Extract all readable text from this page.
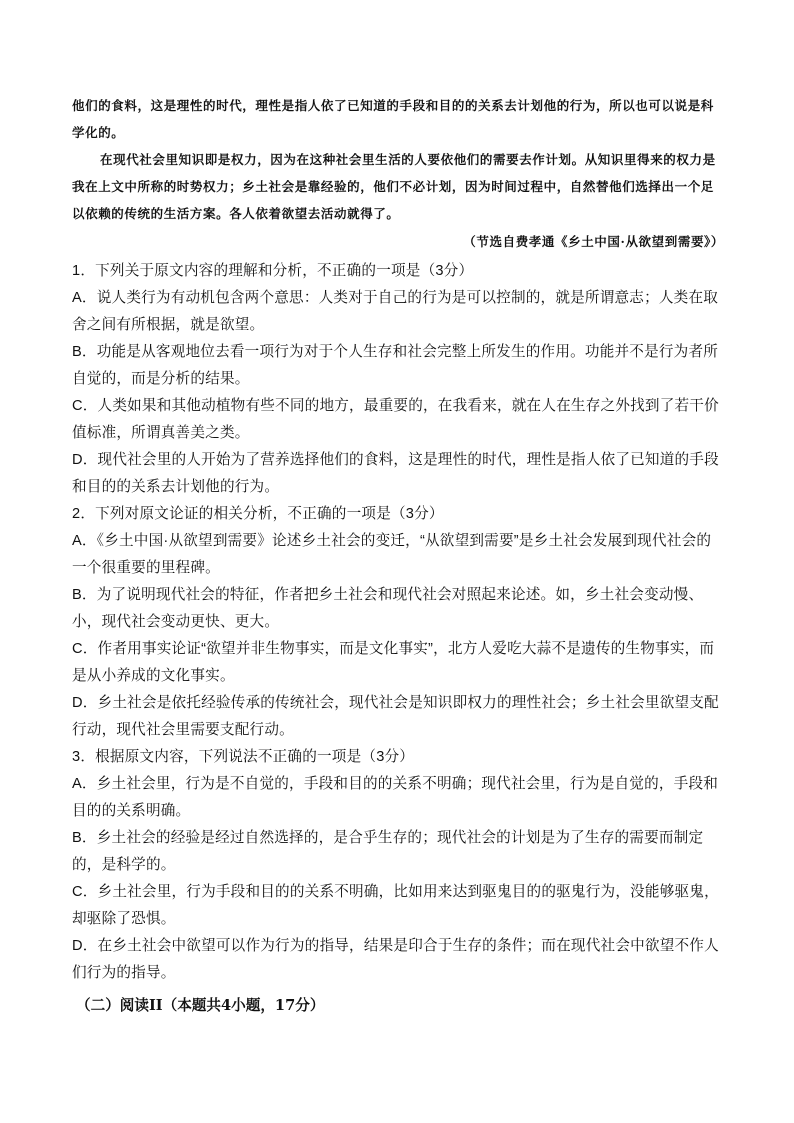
他们的食料，这是理性的时代，理性是指人依了已知道的手段和目的的关系去计划他的行为，所以也可以说是科学化的。

在现代社会里知识即是权力，因为在这种社会里生活的人要依他们的需要去作计划。从知识里得来的权力是我在上文中所称的时势权力；乡土社会是靠经验的，他们不必计划，因为时间过程中，自然替他们选择出一个足以依赖的传统的生活方案。各人依着欲望去活动就得了。

（节选自费孝通《乡土中国·从欲望到需要》）

1．下列关于原文内容的理解和分析，不正确的一项是（3分）

A．说人类行为有动机包含两个意思：人类对于自己的行为是可以控制的，就是所谓意志；人类在取舍之间有所根据，就是欲望。

B．功能是从客观地位去看一项行为对于个人生存和社会完整上所发生的作用。功能并不是行为者所自觉的，而是分析的结果。

C．人类如果和其他动植物有些不同的地方，最重要的，在我看来，就在人在生存之外找到了若干价值标准，所谓真善美之类。

D．现代社会里的人开始为了营养选择他们的食料，这是理性的时代，理性是指人依了已知道的手段和目的的关系去计划他的行为。

2．下列对原文论证的相关分析，不正确的一项是（3分）

A．《乡土中国·从欲望到需要》论述乡土社会的变迁，“从欲望到需要”是乡土社会发展到现代社会的一个很重要的里程碑。

B．为了说明现代社会的特征，作者把乡土社会和现代社会对照起来论述。如，乡土社会变动慢、小，现代社会变动更快、更大。

C．作者用事实论证“欲望并非生物事实，而是文化事实”，北方人爱吃大蒜不是遗传的生物事实，而是从小养成的文化事实。

D．乡土社会是依托经验传承的传统社会，现代社会是知识即权力的理性社会；乡土社会里欲望支配行动，现代社会里需要支配行动。

3．根据原文内容，下列说法不正确的一项是（3分）

A．乡土社会里，行为是不自觉的，手段和目的的关系不明确；现代社会里，行为是自觉的，手段和目的的关系明确。

B．乡土社会的经验是经过自然选择的，是合乎生存的；现代社会的计划是为了生存的需要而制定的，是科学的。

C．乡土社会里，行为手段和目的的关系不明确，比如用来达到驱鬼目的的驱鬼行为，没能够驱鬼，却驱除了恐惧。

D．在乡土社会中欲望可以作为行为的指导，结果是印合于生存的条件；而在现代社会中欲望不作人们行为的指导。

（二）阅读II（本题共4小题，17分）
